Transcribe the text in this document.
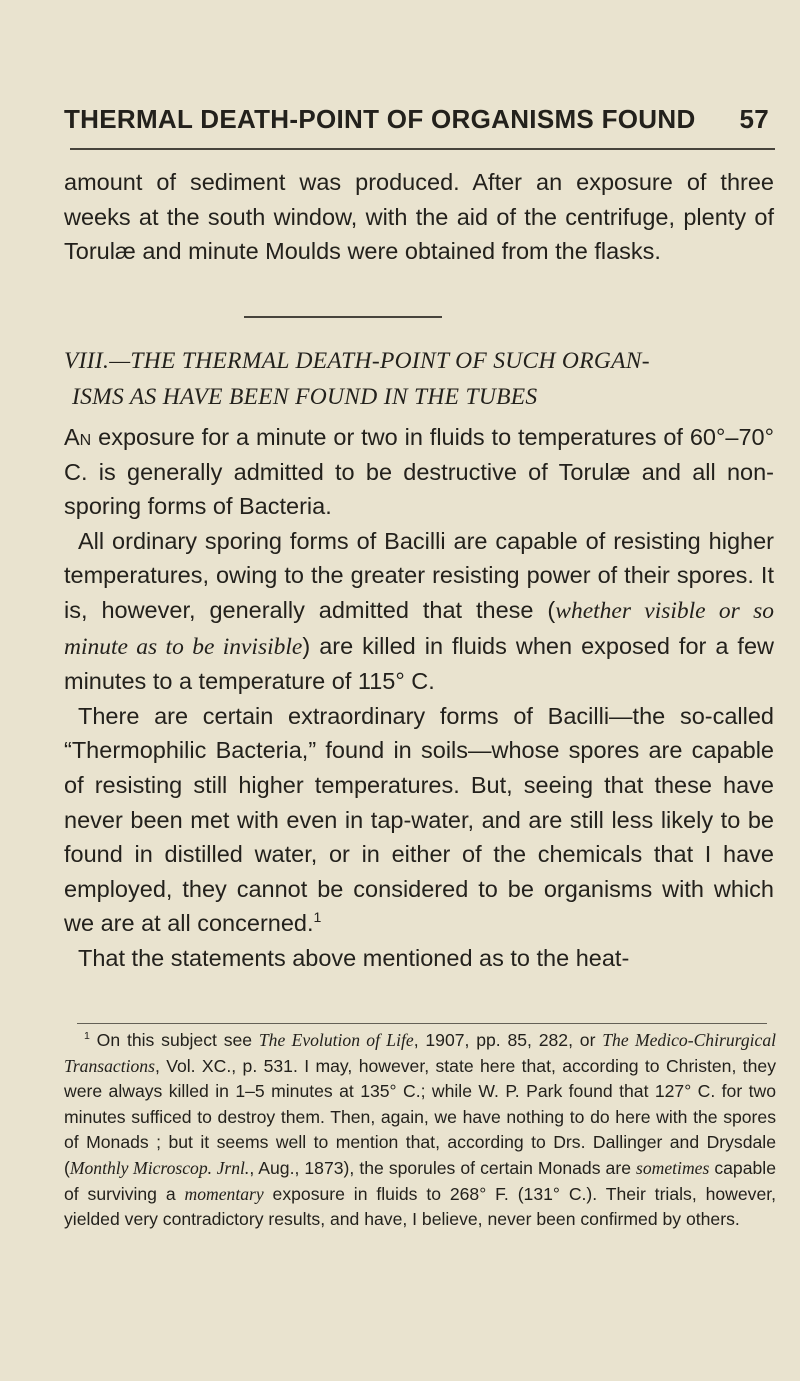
THERMAL DEATH-POINT OF ORGANISMS FOUND 57

amount of sediment was produced. After an exposure of three weeks at the south window, with the aid of the centrifuge, plenty of Torulæ and minute Moulds were obtained from the flasks.

VIII.—THE THERMAL DEATH-POINT OF SUCH ORGAN-
ISMS AS HAVE BEEN FOUND IN THE TUBES

An exposure for a minute or two in fluids to temperatures of 60°–70° C. is generally admitted to be destructive of Torulæ and all non-sporing forms of Bacteria.

All ordinary sporing forms of Bacilli are capable of resisting higher temperatures, owing to the greater resisting power of their spores. It is, however, generally admitted that these (whether visible or so minute as to be invisible) are killed in fluids when exposed for a few minutes to a temperature of 115° C.

There are certain extraordinary forms of Bacilli—the so-called “Thermophilic Bacteria,” found in soils—whose spores are capable of resisting still higher temperatures. But, seeing that these have never been met with even in tap-water, and are still less likely to be found in distilled water, or in either of the chemicals that I have employed, they cannot be considered to be organisms with which we are at all concerned.$^1$

That the statements above mentioned as to the heat-

$^1$ On this subject see The Evolution of Life, 1907, pp. 85, 282, or The Medico-Chirurgical Transactions, Vol. XC., p. 531. I may, however, state here that, according to Christen, they were always killed in 1–5 minutes at 135° C.; while W. P. Park found that 127° C. for two minutes sufficed to destroy them. Then, again, we have nothing to do here with the spores of Monads ; but it seems well to mention that, according to Drs. Dallinger and Drysdale (Monthly Microscop. Jrnl., Aug., 1873), the sporules of certain Monads are sometimes capable of surviving a momentary exposure in fluids to 268° F. (131° C.). Their trials, however, yielded very contradictory results, and have, I believe, never been confirmed by others.
